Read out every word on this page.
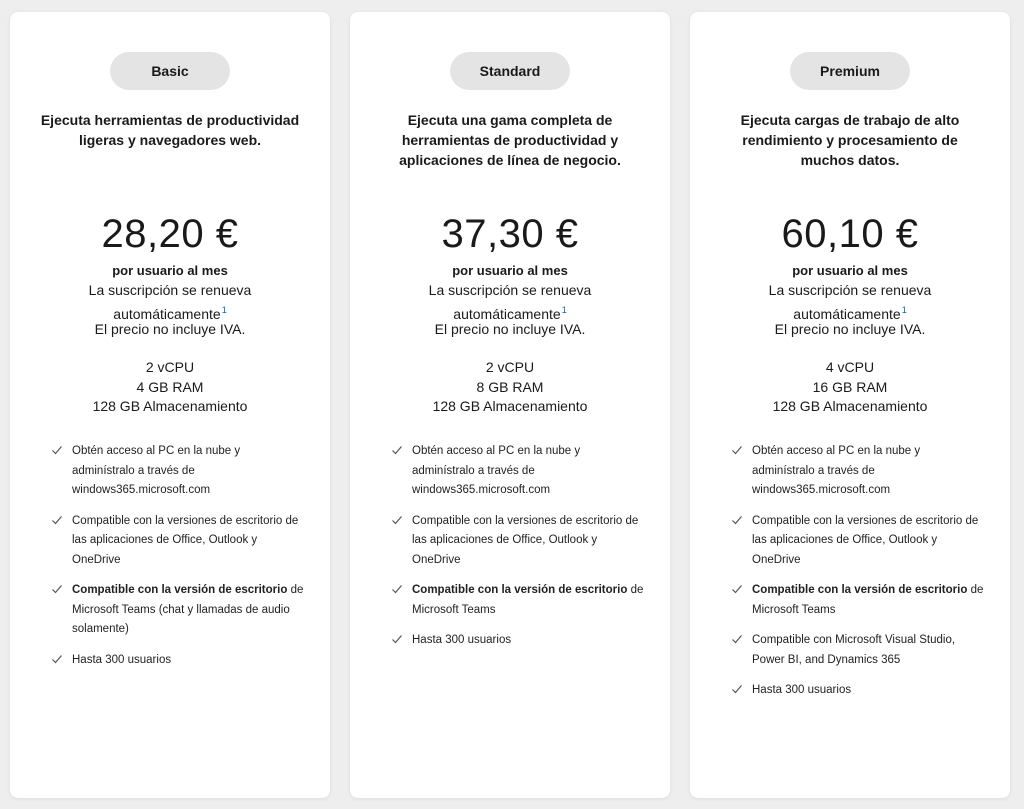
Basic
Ejecuta herramientas de productividad ligeras y navegadores web.
28,20 €
por usuario al mes
La suscripción se renueva automáticamente$^1$
El precio no incluye IVA.
2 vCPU
4 GB RAM
128 GB Almacenamiento
Obtén acceso al PC en la nube y adminístralo a través de windows365.microsoft.com
Compatible con la versiones de escritorio de las aplicaciones de Office, Outlook y OneDrive
Compatible con la versión de escritorio de Microsoft Teams (chat y llamadas de audio solamente)
Hasta 300 usuarios
Standard
Ejecuta una gama completa de herramientas de productividad y aplicaciones de línea de negocio.
37,30 €
por usuario al mes
La suscripción se renueva automáticamente$^1$
El precio no incluye IVA.
2 vCPU
8 GB RAM
128 GB Almacenamiento
Obtén acceso al PC en la nube y adminístralo a través de windows365.microsoft.com
Compatible con la versiones de escritorio de las aplicaciones de Office, Outlook y OneDrive
Compatible con la versión de escritorio de Microsoft Teams
Hasta 300 usuarios
Premium
Ejecuta cargas de trabajo de alto rendimiento y procesamiento de muchos datos.
60,10 €
por usuario al mes
La suscripción se renueva automáticamente$^1$
El precio no incluye IVA.
4 vCPU
16 GB RAM
128 GB Almacenamiento
Obtén acceso al PC en la nube y adminístralo a través de windows365.microsoft.com
Compatible con la versiones de escritorio de las aplicaciones de Office, Outlook y OneDrive
Compatible con la versión de escritorio de Microsoft Teams
Compatible con Microsoft Visual Studio, Power BI, and Dynamics 365
Hasta 300 usuarios
